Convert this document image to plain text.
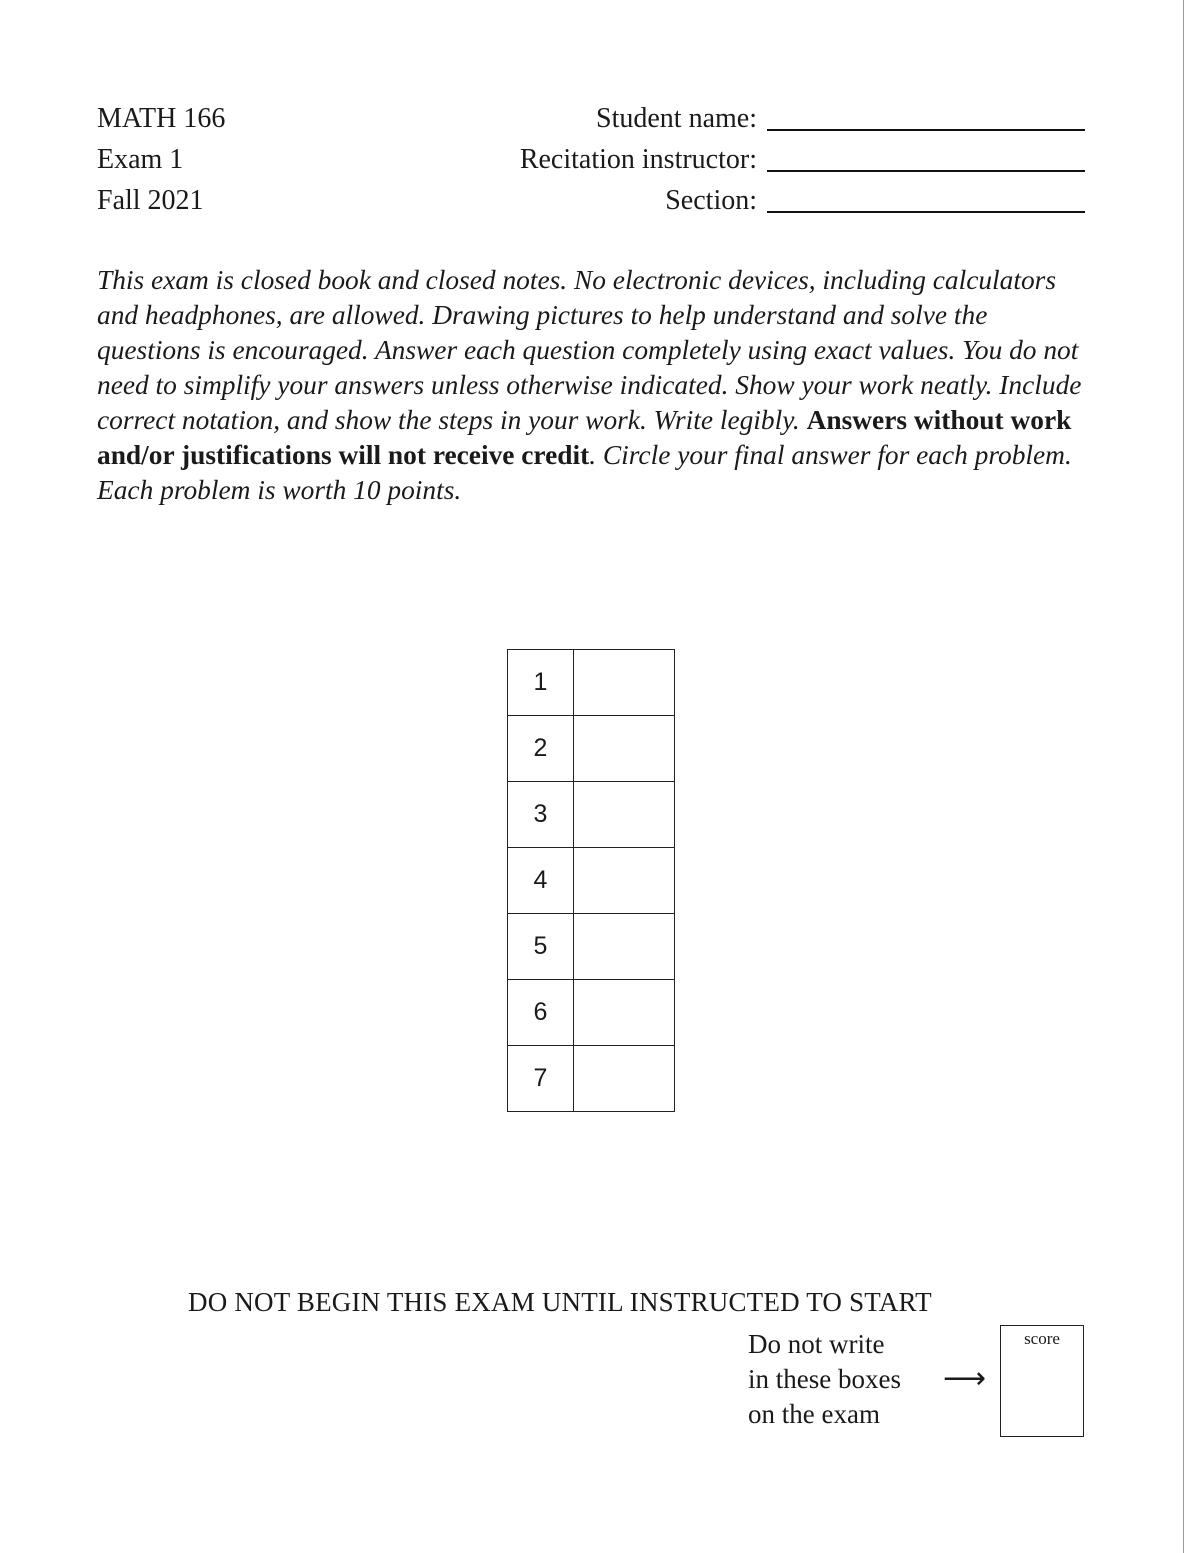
MATH 166
Exam 1
Fall 2021
Student name:
Recitation instructor:
Section:
This exam is closed book and closed notes. No electronic devices, including calculators and headphones, are allowed. Drawing pictures to help understand and solve the questions is encouraged. Answer each question completely using exact values. You do not need to simplify your answers unless otherwise indicated. Show your work neatly. Include correct notation, and show the steps in your work. Write legibly. Answers without work and/or justifications will not receive credit. Circle your final answer for each problem. Each problem is worth 10 points.
1	
2	
3	
4	
5	
6	
7	
DO NOT BEGIN THIS EXAM UNTIL INSTRUCTED TO START
Do not write
in these boxes
on the exam
⟶
score
